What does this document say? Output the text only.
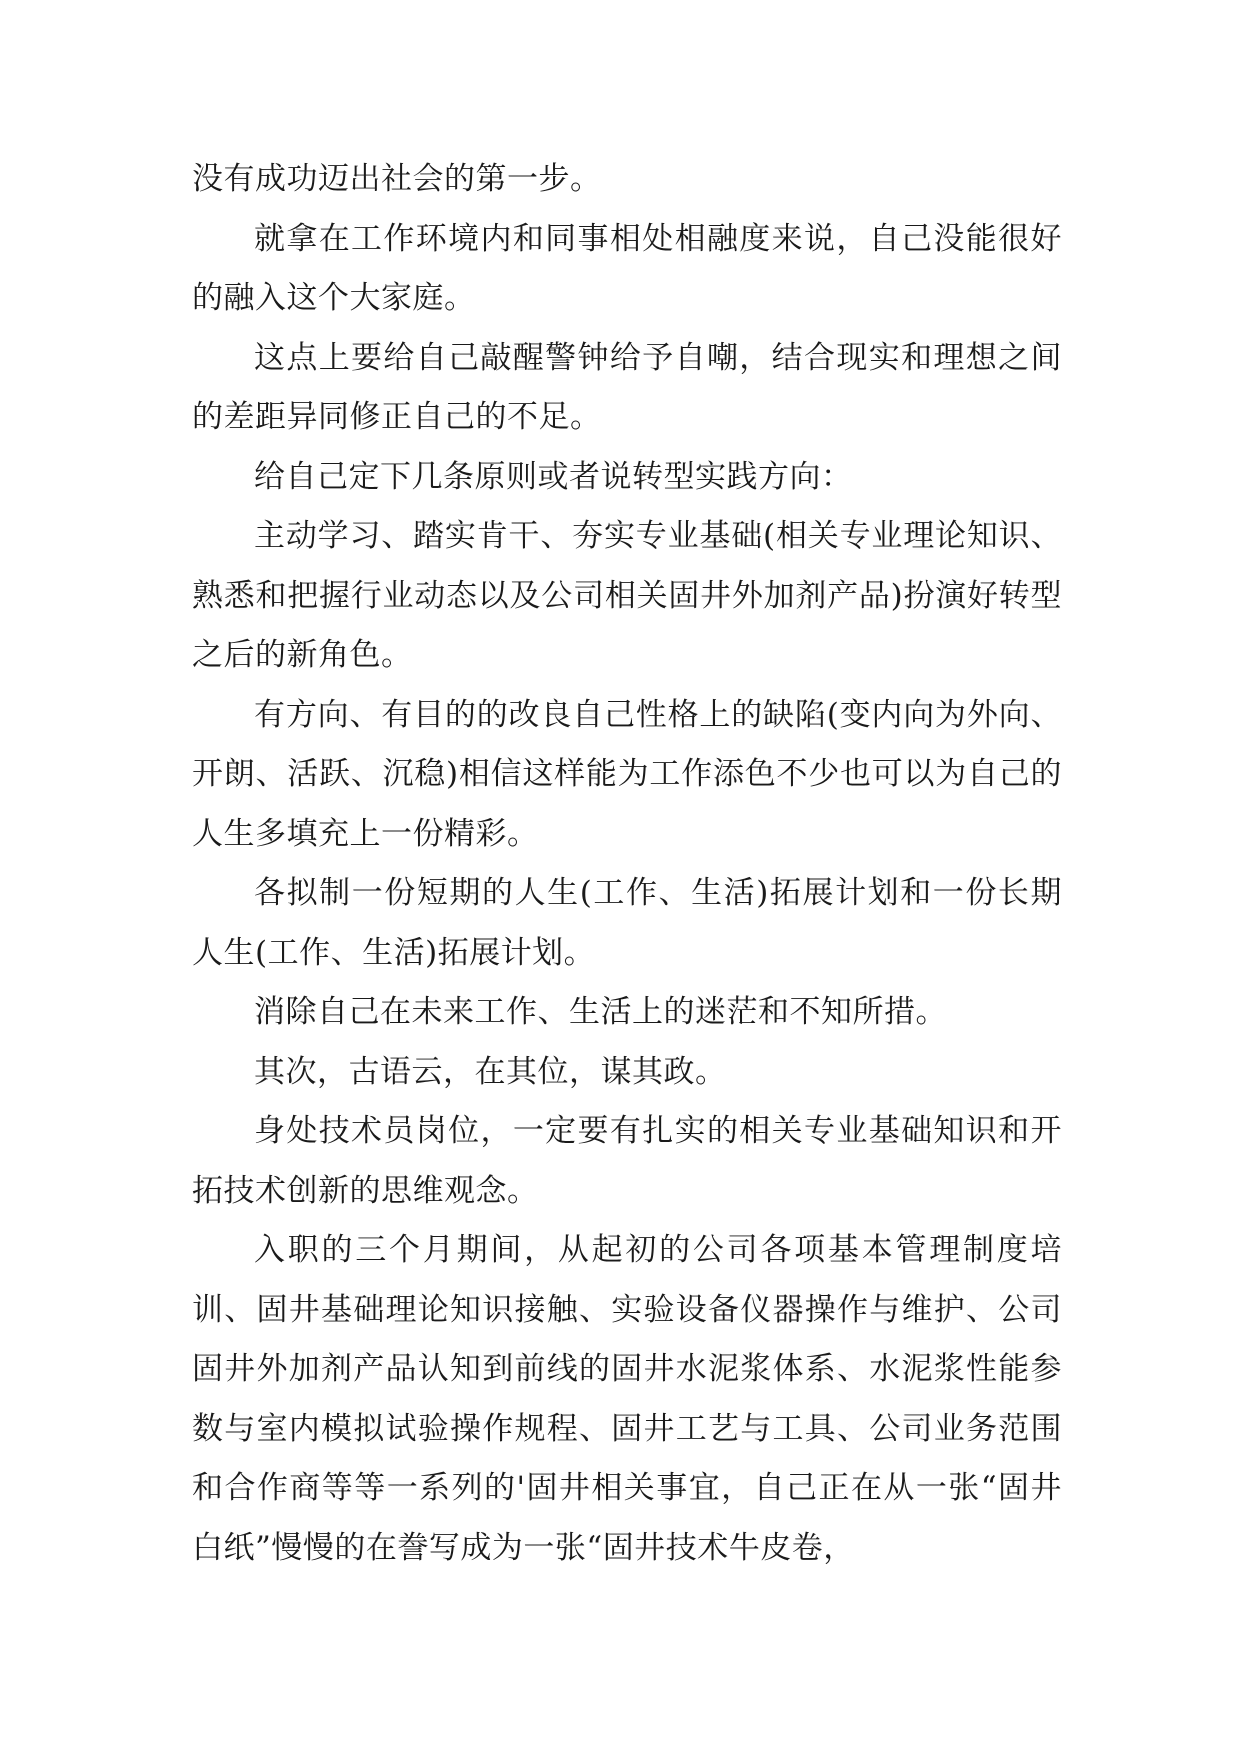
没有成功迈出社会的第一步。

就拿在工作环境内和同事相处相融度来说，自己没能很好的融入这个大家庭。

这点上要给自己敲醒警钟给予自嘲，结合现实和理想之间的差距异同修正自己的不足。

给自己定下几条原则或者说转型实践方向：

主动学习、踏实肯干、夯实专业基础(相关专业理论知识、熟悉和把握行业动态以及公司相关固井外加剂产品)扮演好转型之后的新角色。

有方向、有目的的改良自己性格上的缺陷(变内向为外向、开朗、活跃、沉稳)相信这样能为工作添色不少也可以为自己的人生多填充上一份精彩。

各拟制一份短期的人生(工作、生活)拓展计划和一份长期人生(工作、生活)拓展计划。

消除自己在未来工作、生活上的迷茫和不知所措。

其次，古语云，在其位，谋其政。

身处技术员岗位，一定要有扎实的相关专业基础知识和开拓技术创新的思维观念。

入职的三个月期间，从起初的公司各项基本管理制度培训、固井基础理论知识接触、实验设备仪器操作与维护、公司固井外加剂产品认知到前线的固井水泥浆体系、水泥浆性能参数与室内模拟试验操作规程、固井工艺与工具、公司业务范围和合作商等等一系列的'固井相关事宜，自己正在从一张“固井白纸”慢慢的在誊写成为一张“固井技术牛皮卷，
